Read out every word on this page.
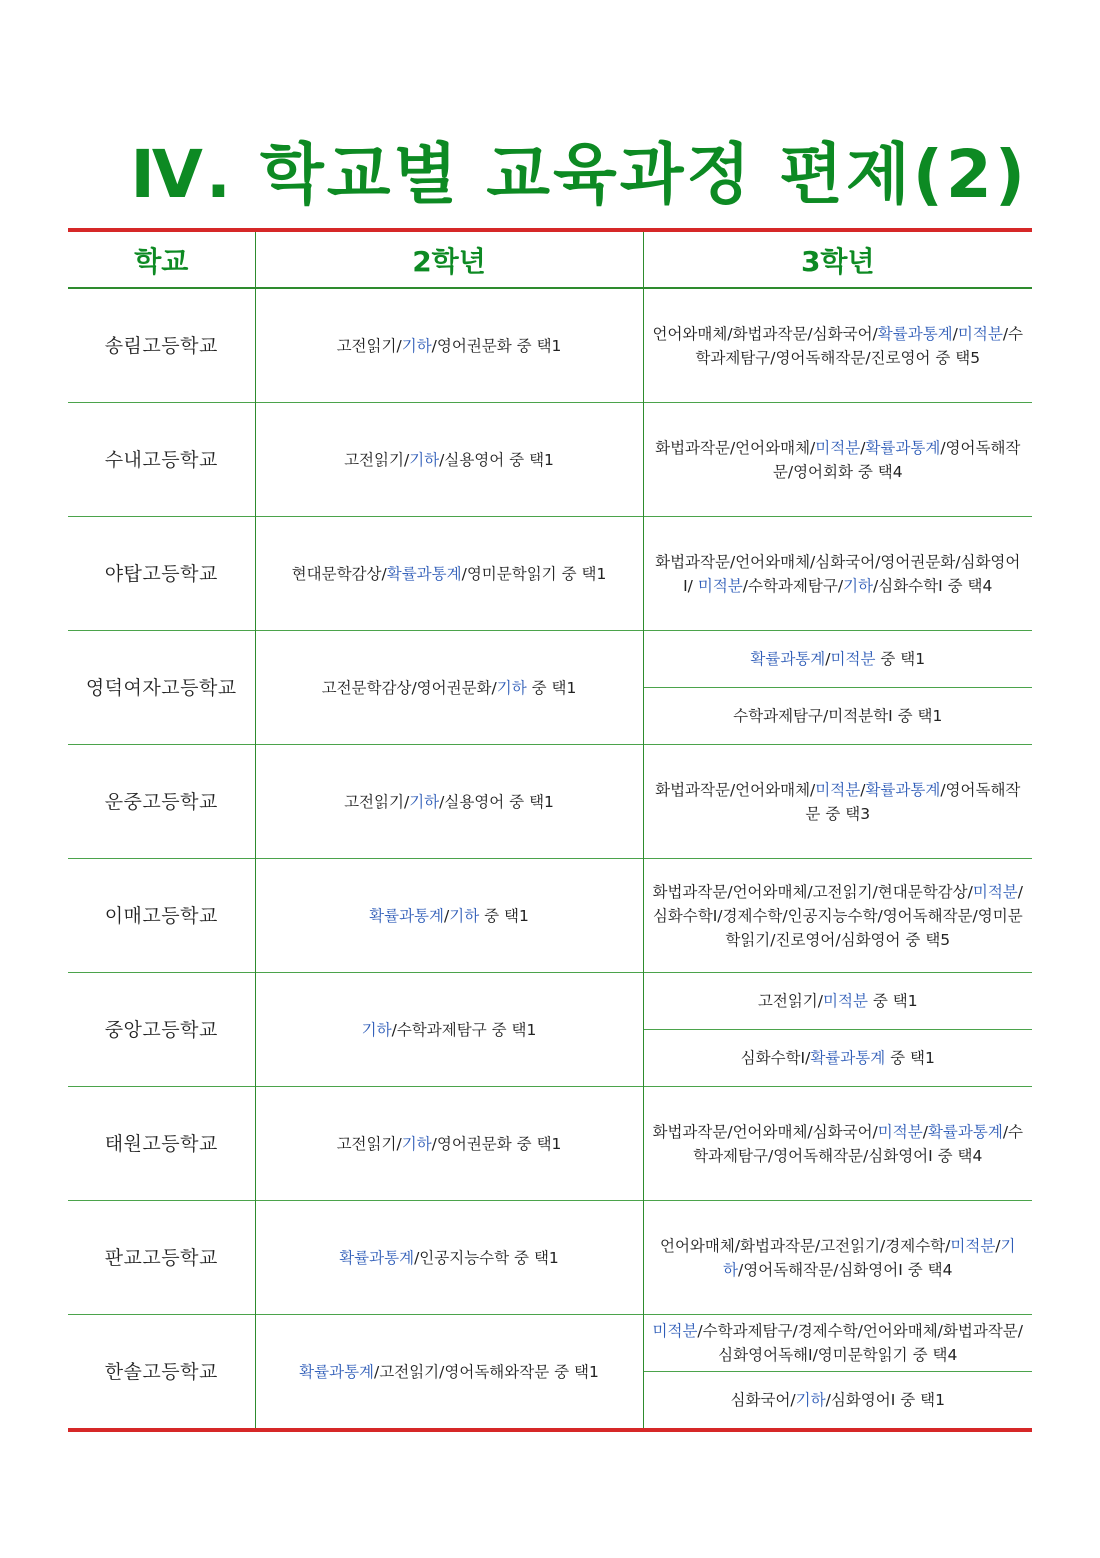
Ⅳ. 학교별 교육과정 편제(2)
학교	2학년	3학년
송림고등학교	고전읽기/기하/영어권문화 중 택1	언어와매체/화법과작문/심화국어/확률과통계/미적분/수학과제탐구/영어독해작문/진로영어 중 택5
수내고등학교	고전읽기/기하/실용영어 중 택1	화법과작문/언어와매체/미적분/확률과통계/영어독해작문/영어회화 중 택4
야탑고등학교	현대문학감상/확률과통계/영미문학읽기 중 택1	화법과작문/언어와매체/심화국어/영어권문화/심화영어Ⅰ/ 미적분/수학과제탐구/기하/심화수학Ⅰ 중 택4
영덕여자고등학교	고전문학감상/영어권문화/기하 중 택1	확률과통계/미적분 중 택1
		수학과제탐구/미적분학Ⅰ 중 택1
운중고등학교	고전읽기/기하/실용영어 중 택1	화법과작문/언어와매체/미적분/확률과통계/영어독해작문 중 택3
이매고등학교	확률과통계/기하 중 택1	화법과작문/언어와매체/고전읽기/현대문학감상/미적분/심화수학Ⅰ/경제수학/인공지능수학/영어독해작문/영미문학읽기/진로영어/심화영어 중 택5
중앙고등학교	기하/수학과제탐구 중 택1	고전읽기/미적분 중 택1
		심화수학Ⅰ/확률과통계 중 택1
태원고등학교	고전읽기/기하/영어권문화 중 택1	화법과작문/언어와매체/심화국어/미적분/확률과통계/수학과제탐구/영어독해작문/심화영어Ⅰ 중 택4
판교고등학교	확률과통계/인공지능수학 중 택1	언어와매체/화법과작문/고전읽기/경제수학/미적분/기하/영어독해작문/심화영어Ⅰ 중 택4
한솔고등학교	확률과통계/고전읽기/영어독해와작문 중 택1	미적분/수학과제탐구/경제수학/언어와매체/화법과작문/심화영어독해Ⅰ/영미문학읽기 중 택4
		심화국어/기하/심화영어Ⅰ 중 택1
